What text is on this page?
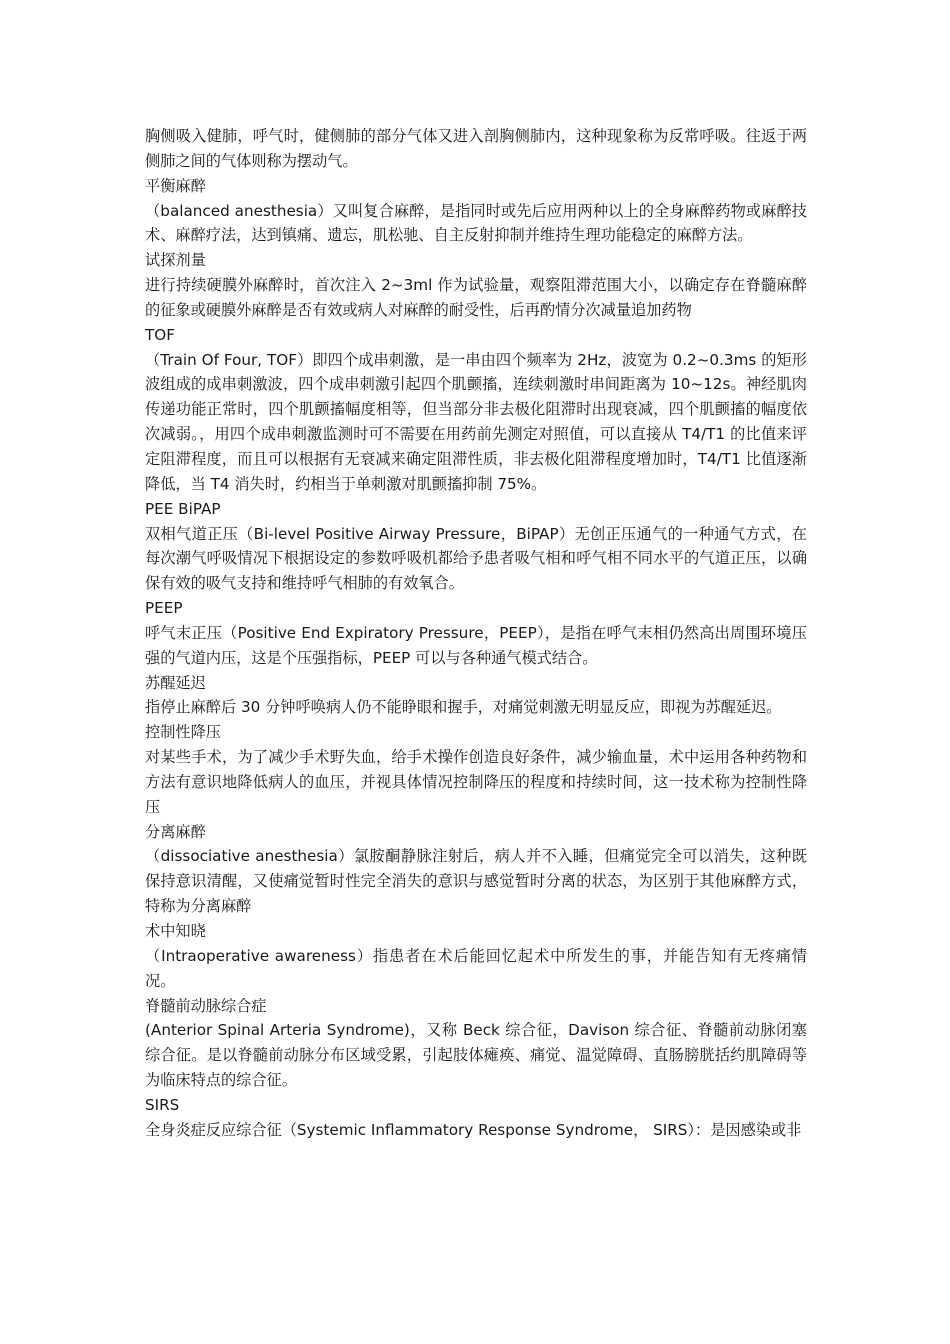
胸侧吸入健肺，呼气时，健侧肺的部分气体又进入剖胸侧肺内，这种现象称为反常呼吸。往返于两侧肺之间的气体则称为摆动气。

平衡麻醉

（balanced anesthesia）又叫复合麻醉，是指同时或先后应用两种以上的全身麻醉药物或麻醉技术、麻醉疗法，达到镇痛、遗忘，肌松驰、自主反射抑制并维持生理功能稳定的麻醉方法。

试探剂量

进行持续硬膜外麻醉时，首次注入 2~3ml 作为试验量，观察阻滞范围大小，以确定存在脊髓麻醉的征象或硬膜外麻醉是否有效或病人对麻醉的耐受性，后再酌情分次减量追加药物

TOF

（Train Of Four, TOF）即四个成串刺激，是一串由四个频率为 2Hz，波宽为 0.2~0.3ms 的矩形波组成的成串刺激波，四个成串刺激引起四个肌颤搐，连续刺激时串间距离为 10~12s。神经肌肉传递功能正常时，四个肌颤搐幅度相等，但当部分非去极化阻滞时出现衰减，四个肌颤搐的幅度依次减弱。，用四个成串刺激监测时可不需要在用药前先测定对照值，可以直接从 T4/T1 的比值来评定阻滞程度，而且可以根据有无衰减来确定阻滞性质，非去极化阻滞程度增加时，T4/T1 比值逐渐降低，当 T4 消失时，约相当于单刺激对肌颤搐抑制 75%。

PEE BiPAP

双相气道正压（Bi-level Positive Airway Pressure，BiPAP）无创正压通气的一种通气方式，在每次潮气呼吸情况下根据设定的参数呼吸机都给予患者吸气相和呼气相不同水平的气道正压，以确保有效的吸气支持和维持呼气相肺的有效氧合。

PEEP

呼气末正压（Positive End Expiratory Pressure，PEEP），是指在呼气末相仍然高出周围环境压强的气道内压，这是个压强指标，PEEP 可以与各种通气模式结合。

苏醒延迟

指停止麻醉后 30 分钟呼唤病人仍不能睁眼和握手，对痛觉刺激无明显反应，即视为苏醒延迟。

控制性降压

对某些手术，为了减少手术野失血，给手术操作创造良好条件，减少输血量，术中运用各种药物和方法有意识地降低病人的血压，并视具体情况控制降压的程度和持续时间，这一技术称为控制性降压

分离麻醉

（dissociative anesthesia）氯胺酮静脉注射后，病人并不入睡，但痛觉完全可以消失，这种既保持意识清醒，又使痛觉暂时性完全消失的意识与感觉暂时分离的状态，为区别于其他麻醉方式，特称为分离麻醉

术中知晓

（Intraoperative awareness）指患者在术后能回忆起术中所发生的事，并能告知有无疼痛情况。

脊髓前动脉综合症

(Anterior Spinal Arteria Syndrome)，又称 Beck 综合征，Davison 综合征、脊髓前动脉闭塞综合征。是以脊髓前动脉分布区域受累，引起肢体瘫痪、痛觉、温觉障碍、直肠膀胱括约肌障碍等为临床特点的综合征。

SIRS

全身炎症反应综合征（Systemic Inflammatory Response Syndrome， SIRS）：是因感染或非
